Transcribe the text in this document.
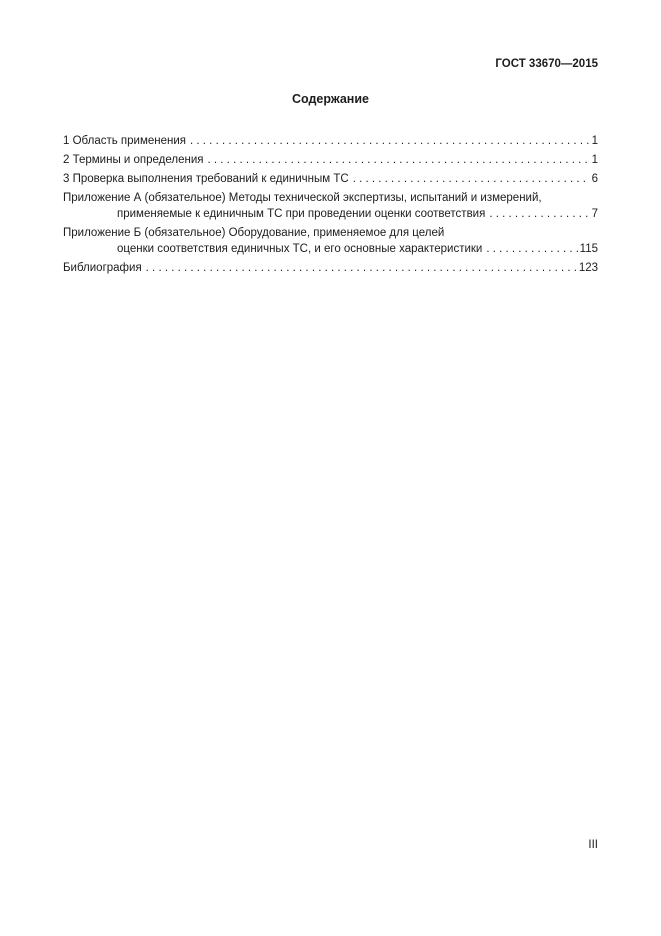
ГОСТ 33670—2015
Содержание
1 Область применения . . .	1
2 Термины и определения . . .	1
3 Проверка выполнения требований к единичным ТС . . .	6
Приложение А (обязательное) Методы технической экспертизы, испытаний и измерений,
применяемые к единичным ТС при проведении оценки соответствия . . .	7
Приложение Б (обязательное) Оборудование, применяемое для целей
оценки соответствия единичных ТС, и его основные характеристики . . .	115
Библиография . . .	123
III
